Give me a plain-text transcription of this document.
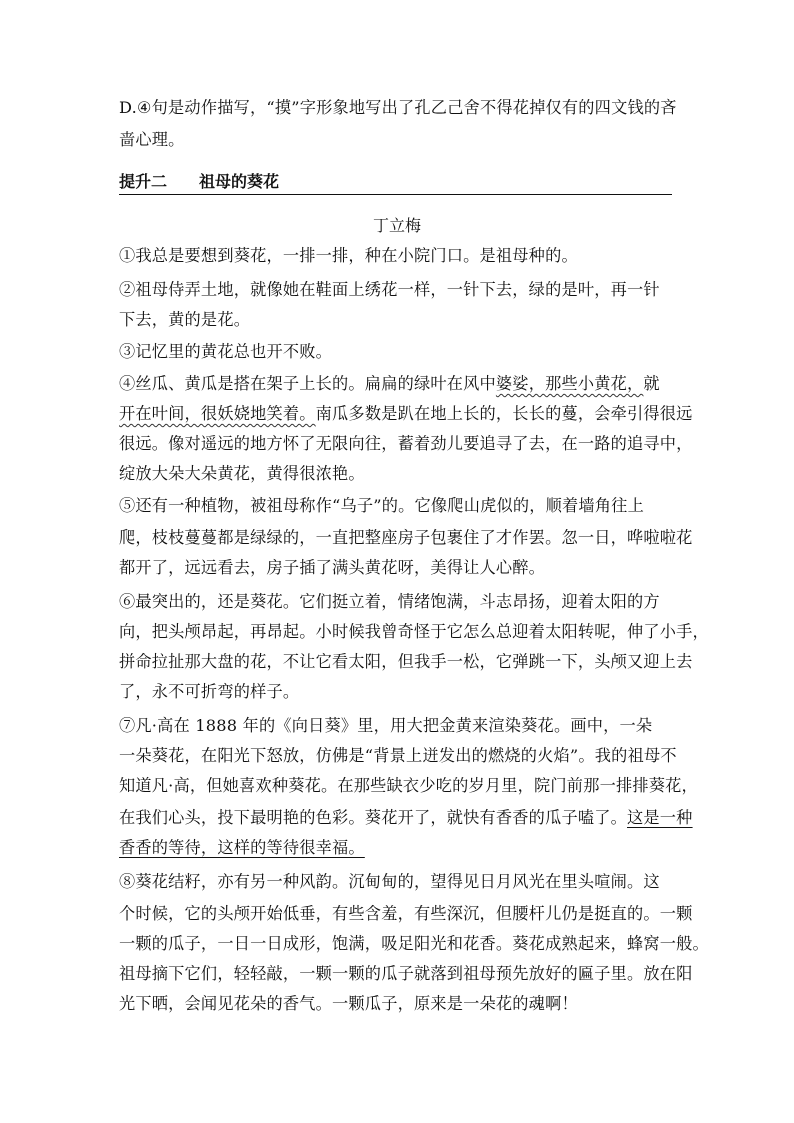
D.④句是动作描写，“摸”字形象地写出了孔乙己舍不得花掉仅有的四文钱的吝
啬心理。
提升二 祖母的葵花
丁立梅
①我总是要想到葵花，一排一排，种在小院门口。是祖母种的。
②祖母侍弄土地，就像她在鞋面上绣花一样，一针下去，绿的是叶，再一针
下去，黄的是花。
③记忆里的黄花总也开不败。
④丝瓜、黄瓜是搭在架子上长的。扁扁的绿叶在风中婆娑，那些小黄花，就
开在叶间，很妖娆地笑着。南瓜多数是趴在地上长的，长长的蔓，会牵引得很远
很远。像对遥远的地方怀了无限向往，蓄着劲儿要追寻了去，在一路的追寻中，
绽放大朵大朵黄花，黄得很浓艳。
⑤还有一种植物，被祖母称作“乌子”的。它像爬山虎似的，顺着墙角往上
爬，枝枝蔓蔓都是绿绿的，一直把整座房子包裹住了才作罢。忽一日，哗啦啦花
都开了，远远看去，房子插了满头黄花呀，美得让人心醉。
⑥最突出的，还是葵花。它们挺立着，情绪饱满，斗志昂扬，迎着太阳的方
向，把头颅昂起，再昂起。小时候我曾奇怪于它怎么总迎着太阳转呢，伸了小手，
拼命拉扯那大盘的花，不让它看太阳，但我手一松，它弹跳一下，头颅又迎上去
了，永不可折弯的样子。
⑦凡·高在 1888 年的《向日葵》里，用大把金黄来渲染葵花。画中，一朵
一朵葵花，在阳光下怒放，仿佛是“背景上迸发出的燃烧的火焰”。我的祖母不
知道凡·高，但她喜欢种葵花。在那些缺衣少吃的岁月里，院门前那一排排葵花，
在我们心头，投下最明艳的色彩。葵花开了，就快有香香的瓜子嗑了。这是一种
香香的等待，这样的等待很幸福。
⑧葵花结籽，亦有另一种风韵。沉甸甸的，望得见日月风光在里头喧闹。这
个时候，它的头颅开始低垂，有些含羞，有些深沉，但腰杆儿仍是挺直的。一颗
一颗的瓜子，一日一日成形，饱满，吸足阳光和花香。葵花成熟起来，蜂窝一般。
祖母摘下它们，轻轻敲，一颗一颗的瓜子就落到祖母预先放好的匾子里。放在阳
光下晒，会闻见花朵的香气。一颗瓜子，原来是一朵花的魂啊！
